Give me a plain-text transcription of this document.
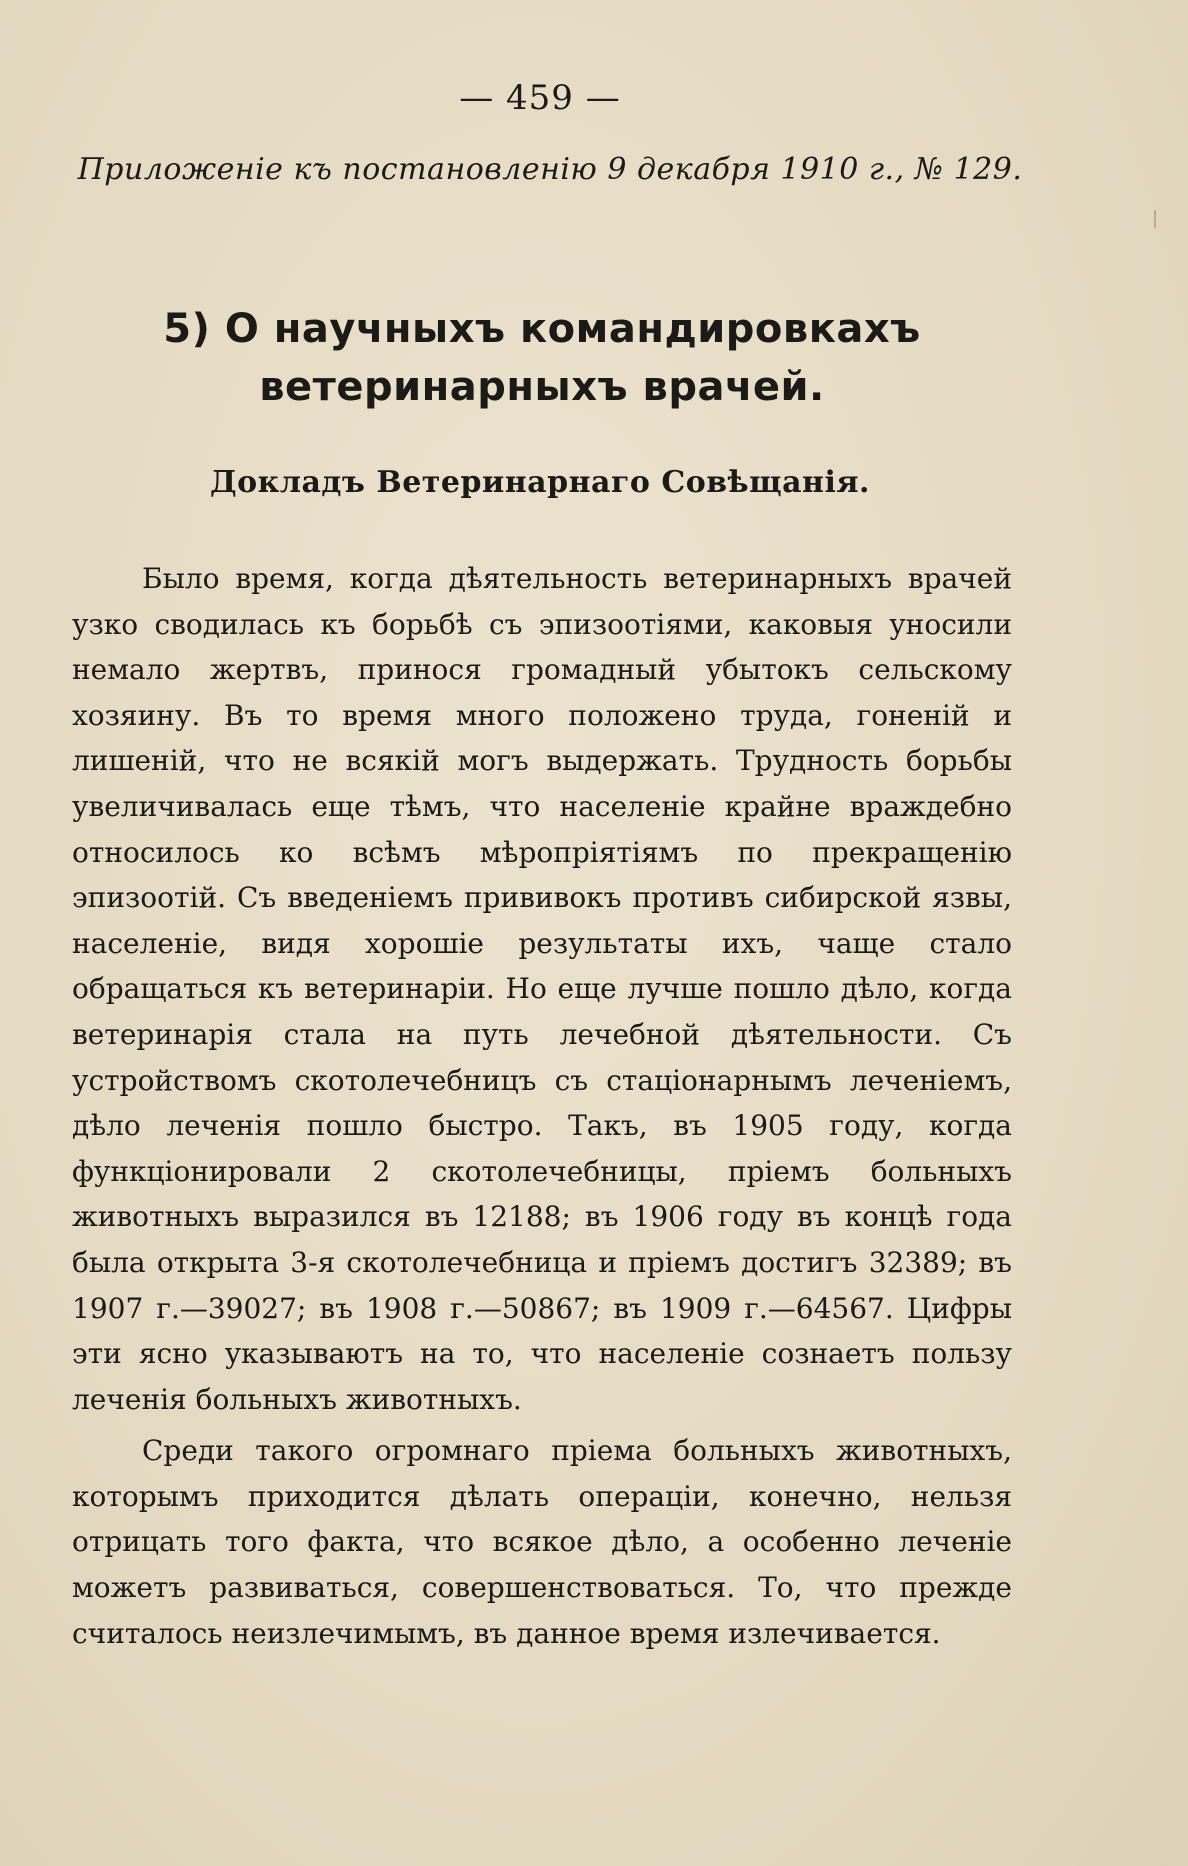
— 459 —
Приложеніе къ постановленію 9 декабря 1910 г., № 129.
5) О научныхъ командировкахъ ветеринарныхъ врачей.
Докладъ Ветеринарнаго Совѣщанія.

Было время, когда дѣятельность ветеринарныхъ врачей узко сводилась къ борьбѣ съ эпизоотіями, каковыя уносили немало жертвъ, принося громадный убытокъ сельскому хозяину. Въ то время много положено труда, гоненій и лишеній, что не всякій могъ выдержать. Трудность борьбы увеличивалась еще тѣмъ, что населеніе крайне враждебно относилось ко всѣмъ мѣропріятіямъ по прекращенію эпизоотій. Съ введеніемъ прививокъ противъ сибирской язвы, населеніе, видя хорошіе результаты ихъ, чаще стало обращаться къ ветеринаріи. Но еще лучше пошло дѣло, когда ветеринарія стала на путь лечебной дѣятельности. Съ устройствомъ скотолечебницъ съ стаціонарнымъ леченіемъ, дѣло леченія пошло быстро. Такъ, въ 1905 году, когда функціонировали 2 скотолечебницы, пріемъ больныхъ животныхъ выразился въ 12188; въ 1906 году въ концѣ года была открыта 3-я скотолечебница и пріемъ достигъ 32389; въ 1907 г.—39027; въ 1908 г.—50867; въ 1909 г.—64567. Цифры эти ясно указываютъ на то, что населеніе сознаетъ пользу леченія больныхъ животныхъ.

Среди такого огромнаго пріема больныхъ животныхъ, которымъ приходится дѣлать операціи, конечно, нельзя отрицать того факта, что всякое дѣло, а особенно леченіе можетъ развиваться, совершенствоваться. То, что прежде считалось неизлечимымъ, въ данное время излечивается.
